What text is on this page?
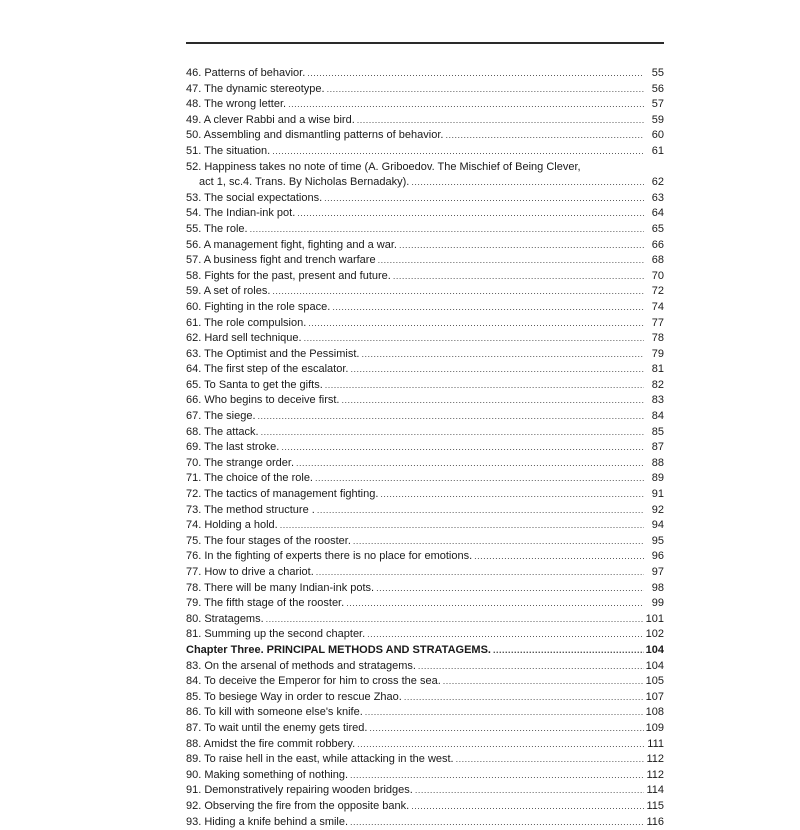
46. Patterns of behavior. .....	55
47. The dynamic stereotype. .....	56
48. The wrong letter. .....	57
49. A clever Rabbi and a wise bird. .....	59
50. Assembling and dismantling patterns of behavior. .....	60
51. The situation. .....	61
52. Happiness takes no note of time (A. Griboedov. The Mischief of Being Clever,
act 1, sc.4. Trans. By Nicholas Bernadaky). .....	62
53. The social expectations. .....	63
54. The Indian-ink pot. .....	64
55. The role. .....	65
56. A management fight, fighting and a war. .....	66
57. A business fight and trench warfare .....	68
58. Fights for the past, present and future. .....	70
59. A set of roles. .....	72
60. Fighting in the role space. .....	74
61. The role compulsion. .....	77
62. Hard sell technique. .....	78
63. The Optimist and the Pessimist. .....	79
64. The first step of the escalator. .....	81
65. To Santa to get the gifts. .....	82
66. Who begins to deceive first. .....	83
67. The siege. .....	84
68. The attack. .....	85
69. The last stroke. .....	87
70. The strange order. .....	88
71. The choice of the role. .....	89
72. The tactics of management fighting. .....	91
73. The method structure . .....	92
74. Holding a hold. .....	94
75. The four stages of the rooster. .....	95
76. In the fighting of experts there is no place for emotions. .....	96
77. How to drive a chariot. .....	97
78. There will be many Indian-ink pots. .....	98
79. The fifth stage of the rooster. .....	99
80. Stratagems. .....	101
81. Summing up the second chapter. .....	102
Chapter Three. PRINCIPAL METHODS AND STRATAGEMS. .....	104
83. On the arsenal of methods and stratagems. .....	104
84. To deceive the Emperor for him to cross the sea. .....	105
85. To besiege Way in order to rescue Zhao. .....	107
86. To kill with someone else's knife. .....	108
87. To wait until the enemy gets tired. .....	109
88. Amidst the fire commit robbery. .....	111
89. To raise hell in the east, while attacking in the west. .....	112
90. Making something of nothing. .....	112
91. Demonstratively repairing wooden bridges. .....	114
92. Observing the fire from the opposite bank. .....	115
93. Hiding a knife behind a smile. .....	116
